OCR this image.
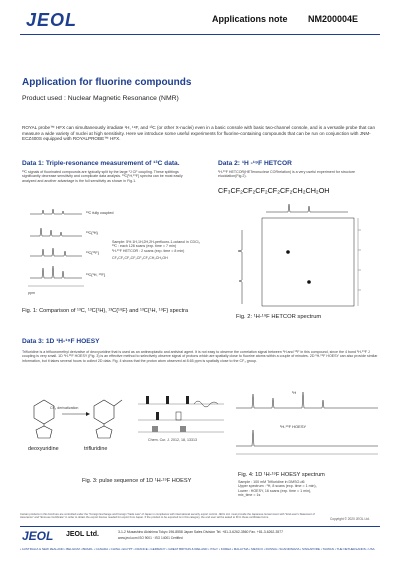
JEOL	Applications note NM200004E
Application for fluorine compounds
Product used : Nuclear Magnetic Resonance (NMR)
ROYAL probe™ HFX can simultaneously irradiate ¹H, ¹⁹F, and ¹³C (or other X-nuclei) even in a basic console with basic two-channel console, and is a versatile probe that can measure a wide variety of nuclei at high sensitivity. Here we introduce some useful experiments for fluorine-containing compounds that can be run on conjunction with JNM-ECZ400S equipped with ROYALPROBE™ HFX.
Data 1: Triple-resonance measurement of ¹³C data.
¹³C signals of fluorinated compounds are typically split by the large ¹J CF coupling. These splittings significantly decrease sensitivity and complicate data analysis. ¹³C{¹H,¹⁹F} spectra can be most easily analyzed and another advantage is the full sensitivity as shown in Fig.1.
ppm
¹³C fully coupled
¹³C{¹H}
¹³C{¹⁹F}
¹³C{¹H, ¹⁹F}
Sample: 5% 1H,1H,2H,2H-perfluoro-1-octanol in CDCl₃
¹³C : each 128 scans (exp. time = 7 min)
¹H-¹⁹F HETCOR : 2 scans (exp. time = 8 min)
CF₃CF₂CF₂CF₂CF₂CF₂CH₂CH₂OH
Fig. 1: Comparison of ¹³C, ¹³C{¹H}, ¹³C{¹⁹F} and ¹³C{¹H, ¹⁹F} spectra
Data 2: ¹H -¹⁹F HETCOR
¹H-¹⁹F HETCOR(HETeronuclear CORrelation) is a very useful experiment for structure elucidation(Fig.2).
CF₃CF₂CF₂CF₂CF₂CF₂CH₂CH₂OH
Fig. 2: ¹H-¹⁹F HETCOR spectrum
Data 3: 1D ¹H-¹⁹F HOESY
Trifluridine is a trifluoromethyl derivative of deoxyuridine that is used as an antineoplastic and antiviral agent. It is not easy to observe the correlation signal between ¹H and ¹⁹F in this compound, since the 4 bond ¹H-¹⁹F J coupling is very small. 1D ¹H-¹⁹F HOESY (Fig. 3) is an effective method to selectively observe signal of protons which are spatially close to fluorine atoms within a couple of minutes. 2D ¹H-¹⁹F HOESY can also provide similar information, but it takes several hours to collect 2D data. Fig. 4 shows that the proton atom observed at 8.65 ppm is spatially close to the CF₃ group.
CF₃ derivatization
deoxyuridine	trifluridine
Chem. Cur. J. 2012, 18, 13313
Fig. 3: pulse sequence of 1D ¹H-¹⁹F HOESY
¹H
¹H-¹⁹F HOESY
Fig. 4: 1D ¹H-¹⁹F HOESY spectrum
Sample : 100 mM Trifluridine in DMSO-d6
Upper spectrum : ¹H, 8 scans (exp. time = 1 min),
Lower : HOESY, 16 scans (exp. time = 1 min),
mix_time = 1s
Certain products in this brochure are controlled under the "Foreign Exchange and Foreign Trade Law" of Japan in compliance with international security export control. JEOL Ltd. must provide the Japanese Government with "End-user's Statement of Assurance" and "End-use Certificate" in order to obtain the export license needed for export from Japan. If the product to be exported is in this category, the end user will be asked to fill in these certificate forms.	Copyright © 2020 JEOL Ltd.
JEOL JEOL Ltd.	3-1-2 Musashino Akishima Tokyo 196-8558 Japan Sales Division Tel. +81-3-6262-3560 Fax. +81-3-6262-3577
www.jeol.com ISO 9001 · ISO 14001 Certified
• AUSTRALIA & NEW ZEALAND • BELGIUM • BRAZIL • CANADA • CHINA • EGYPT • FRANCE • GERMANY • GREAT BRITAIN & IRELAND • ITALY • KOREA • MALAYSIA • MEXICO • RUSSIA • SCANDINAVIA • SINGAPORE • TAIWAN • THE NETHERLANDS • USA
